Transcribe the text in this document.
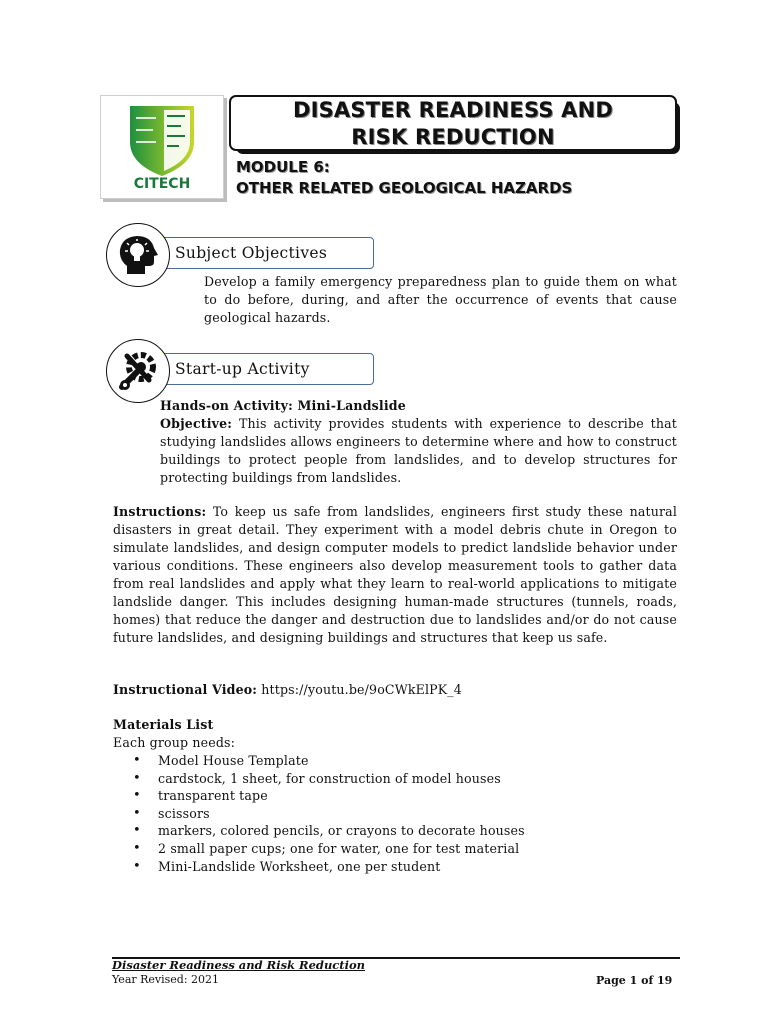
CITECH
DISASTER READINESS AND
RISK REDUCTION
MODULE 6:
OTHER RELATED GEOLOGICAL HAZARDS
Subject Objectives
Develop a family emergency preparedness plan to guide them on what to do before, during, and after the occurrence of events that cause geological hazards.
Start-up Activity
Hands-on Activity: Mini-Landslide
Objective: This activity provides students with experience to describe that studying landslides allows engineers to determine where and how to construct buildings to protect people from landslides, and to develop structures for protecting buildings from landslides.
Instructions: To keep us safe from landslides, engineers first study these natural disasters in great detail. They experiment with a model debris chute in Oregon to simulate landslides, and design computer models to predict landslide behavior under various conditions. These engineers also develop measurement tools to gather data from real landslides and apply what they learn to real-world applications to mitigate landslide danger. This includes designing human-made structures (tunnels, roads, homes) that reduce the danger and destruction due to landslides and/or do not cause future landslides, and designing buildings and structures that keep us safe.
Instructional Video: https://youtu.be/9oCWkElPK_4
Materials List
Each group needs:
• Model House Template
• cardstock, 1 sheet, for construction of model houses
• transparent tape
• scissors
• markers, colored pencils, or crayons to decorate houses
• 2 small paper cups; one for water, one for test material
• Mini-Landslide Worksheet, one per student
Disaster Readiness and Risk Reduction
Year Revised: 2021	Page 1 of 19
